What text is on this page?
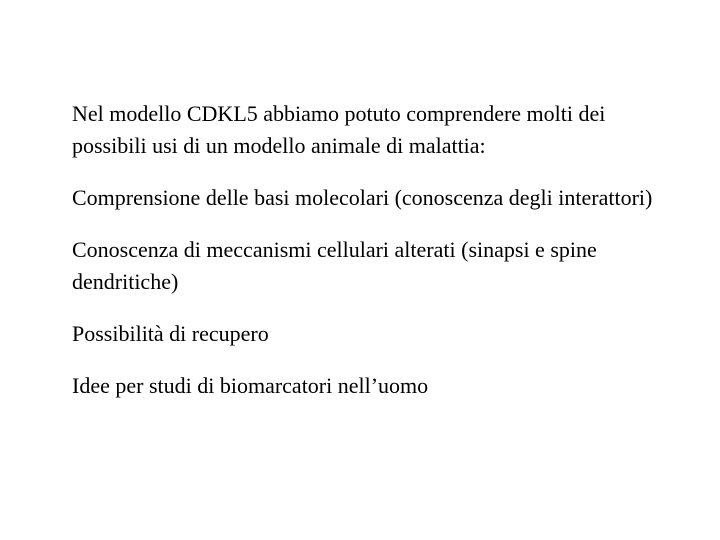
Nel modello CDKL5 abbiamo potuto comprendere molti dei possibili usi di un modello animale di malattia:

Comprensione delle basi molecolari (conoscenza degli interattori)

Conoscenza di meccanismi cellulari alterati (sinapsi e spine dendritiche)

Possibilità di recupero

Idee per studi di biomarcatori nell’uomo
